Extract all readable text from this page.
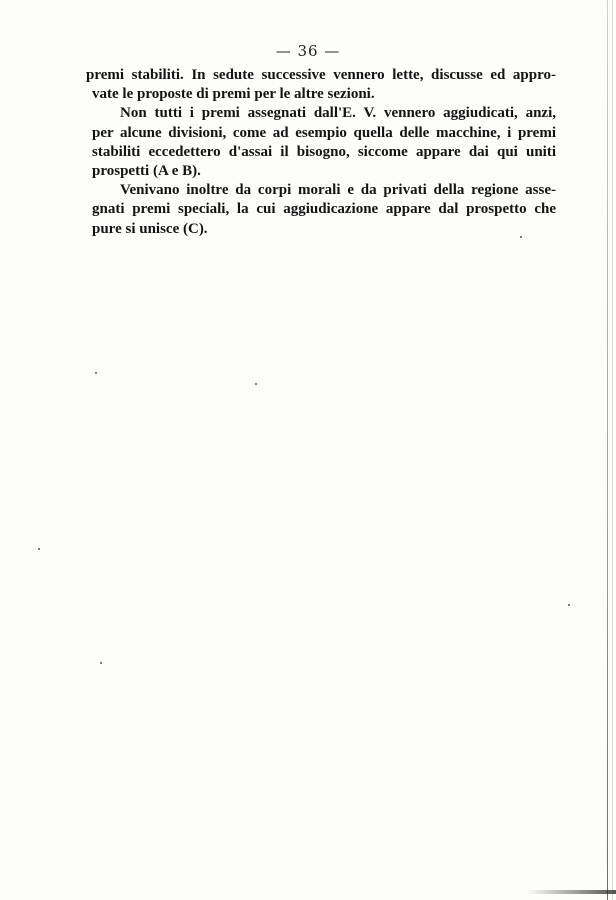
— 36 —
premi stabiliti. In sedute successive vennero lette, discusse ed appro-
vate le proposte di premi per le altre sezioni.
Non tutti i premi assegnati dall'E. V. vennero aggiudicati, anzi,
per alcune divisioni, come ad esempio quella delle macchine, i premi
stabiliti eccedettero d'assai il bisogno, siccome appare dai qui uniti
prospetti (A e B).
Venivano inoltre da corpi morali e da privati della regione asse-
gnati premi speciali, la cui aggiudicazione appare dal prospetto che
pure si unisce (C).
